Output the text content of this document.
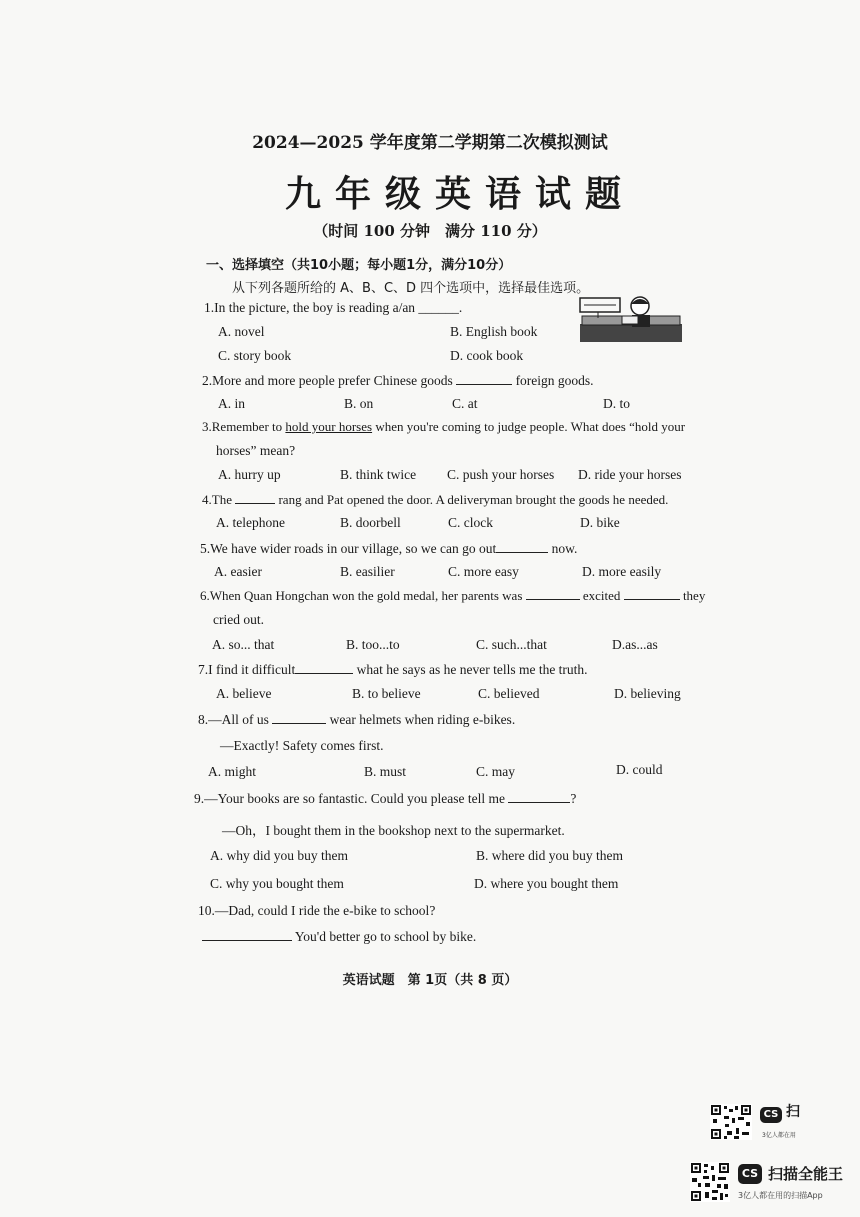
2024—2025 学年度第二学期第二次模拟测试
九年级英语试题
（时间 100 分钟　满分 110 分）
一、选择填空（共10小题；每小题1分，满分10分）
从下列各题所给的 A、B、C、D 四个选项中，选择最佳选项。
1.In the picture, the boy is reading a/an ______.
A. novel	B. English book
C. story book	D. cook book
2.More and more people prefer Chinese goods	foreign goods.
A. in	B. on	C. at	D. to
3.Remember to hold your horses when you're coming to judge people. What does “hold your
horses” mean?
A. hurry up	B. think twice C. push your horses D. ride your horses
4.The	rang and Pat opened the door. A deliveryman brought the goods he needed.
A. telephone	B. doorbell	C. clock	D. bike
5.We have wider roads in our village, so we can go out	now.
A. easier	B. easilier	C. more easy	D. more easily
6.When Quan Hongchan won the gold medal, her parents was	excited	they
cried out.
A. so... that	B. too...to	C. such...that	D.as...as
7.I find it difficult	what he says as he never tells me the truth.
A. believe	B. to believe	C. believed	D. believing
8.—All of us	wear helmets when riding e-bikes.
—Exactly! Safety comes first.
A. might	B. must	C. may	D. could
9.—Your books are so fantastic. Could you please tell me	?
—Oh，I bought them in the bookshop next to the supermarket.
A. why did you buy them	B. where did you buy them
C. why you bought them	D. where you bought them
10.—Dad, could I ride the e-bike to school?
You'd better go to school by bike.
英语试题　第 1页（共 8 页）
CS 扫
3亿人都在用
CS 扫描全能王
3亿人都在用的扫描App
